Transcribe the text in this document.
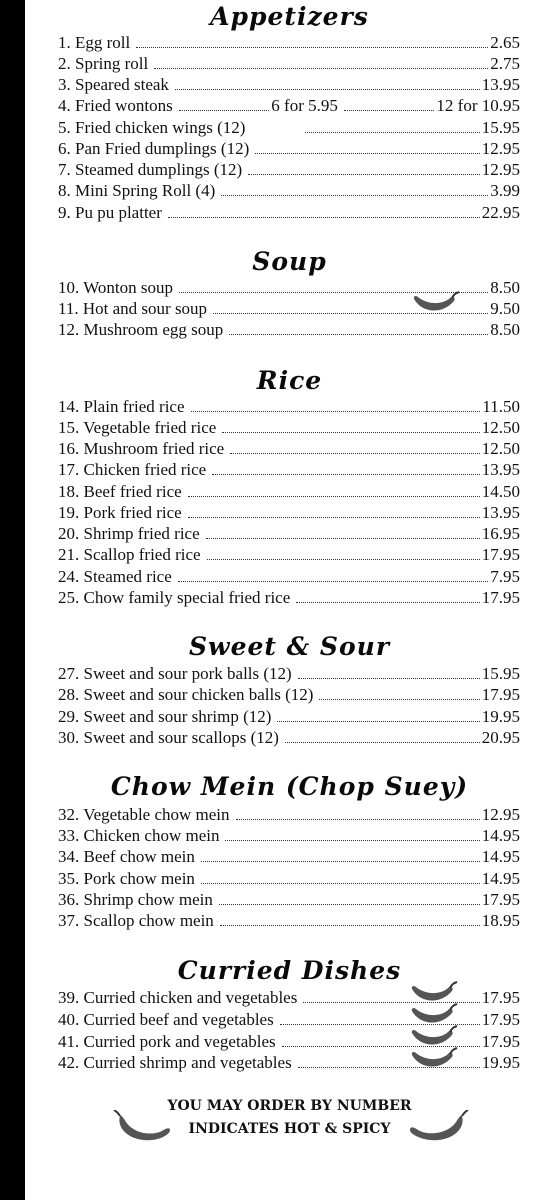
Appetizers
1. Egg roll	2.65
2. Spring roll	2.75
3. Speared steak	13.95
4. Fried wontons	6 for 5.95	12 for 10.95
5. Fried chicken wings (12)	15.95
6. Pan Fried dumplings (12)	12.95
7. Steamed dumplings (12)	12.95
8. Mini Spring Roll (4)	3.99
9. Pu pu platter	22.95
Soup
10. Wonton soup	8.50
11. Hot and sour soup	9.50
12. Mushroom egg soup	8.50
Rice
14. Plain fried rice	11.50
15. Vegetable fried rice	12.50
16. Mushroom fried rice	12.50
17. Chicken fried rice	13.95
18. Beef fried rice	14.50
19. Pork fried rice	13.95
20. Shrimp fried rice	16.95
21. Scallop fried rice	17.95
24. Steamed rice	7.95
25. Chow family special fried rice	17.95
Sweet & Sour
27. Sweet and sour pork balls (12)	15.95
28. Sweet and sour chicken balls (12)	17.95
29. Sweet and sour shrimp (12)	19.95
30. Sweet and sour scallops (12)	20.95
Chow Mein (Chop Suey)
32. Vegetable chow mein	12.95
33. Chicken chow mein	14.95
34. Beef chow mein	14.95
35. Pork chow mein	14.95
36. Shrimp chow mein	17.95
37. Scallop chow mein	18.95
Curried Dishes
39. Curried chicken and vegetables	17.95
40. Curried beef and vegetables	17.95
41. Curried pork and vegetables	17.95
42. Curried shrimp and vegetables	19.95
YOU MAY ORDER BY NUMBER
INDICATES HOT & SPICY
